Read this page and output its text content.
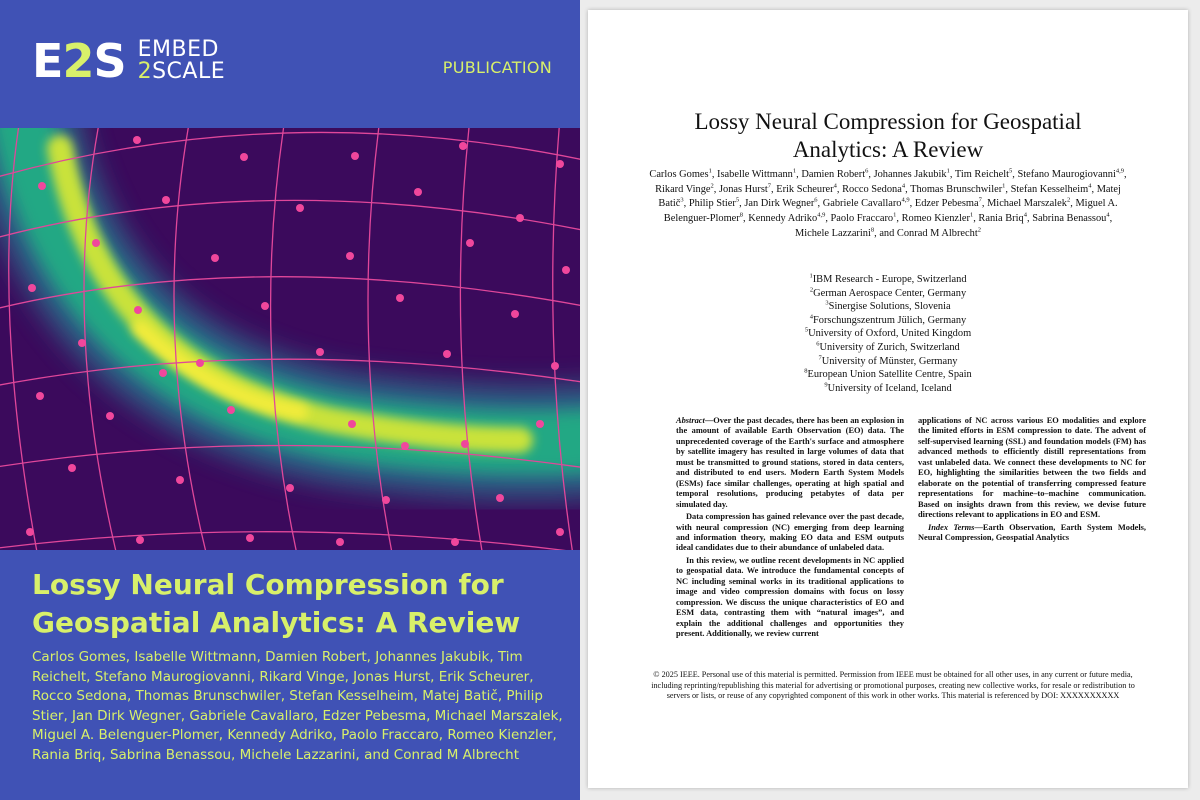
E2S EMBED
2SCALE	PUBLICATION
Lossy Neural Compression for Geospatial Analytics: A Review

Carlos Gomes, Isabelle Wittmann, Damien Robert, Johannes Jakubik, Tim Reichelt, Stefano Maurogiovanni, Rikard Vinge, Jonas Hurst, Erik Scheurer, Rocco Sedona, Thomas Brunschwiler, Stefan Kesselheim, Matej Batič, Philip Stier, Jan Dirk Wegner, Gabriele Cavallaro, Edzer Pebesma, Michael Marszalek, Miguel A. Belenguer-Plomer, Kennedy Adriko, Paolo Fraccaro, Romeo Kienzler, Rania Briq, Sabrina Benassou, Michele Lazzarini, and Conrad M Albrecht

Lossy Neural Compression for Geospatial Analytics: A Review
Carlos Gomes$^1$, Isabelle Wittmann$^1$, Damien Robert$^6$, Johannes Jakubik$^1$, Tim Reichelt$^5$, Stefano Maurogiovanni$^{4,9}$, Rikard Vinge$^2$, Jonas Hurst$^7$, Erik Scheurer$^4$, Rocco Sedona$^4$, Thomas Brunschwiler$^1$, Stefan Kesselheim$^4$, Matej Batič$^3$, Philip Stier$^5$, Jan Dirk Wegner$^6$, Gabriele Cavallaro$^{4,9}$, Edzer Pebesma$^7$, Michael Marszalek$^2$, Miguel A. Belenguer-Plomer$^8$, Kennedy Adriko$^{4,9}$, Paolo Fraccaro$^1$, Romeo Kienzler$^1$, Rania Briq$^4$, Sabrina Benassou$^4$, Michele Lazzarini$^8$, and Conrad M Albrecht$^2$
$^1$IBM Research - Europe, Switzerland
$^2$German Aerospace Center, Germany
$^3$Sinergise Solutions, Slovenia
$^4$Forschungszentrum Jülich, Germany
$^5$University of Oxford, United Kingdom
$^6$University of Zurich, Switzerland
$^7$University of Münster, Germany
$^8$European Union Satellite Centre, Spain
$^9$University of Iceland, Iceland

Abstract—Over the past decades, there has been an explosion in the amount of available Earth Observation (EO) data. The unprecedented coverage of the Earth's surface and atmosphere by satellite imagery has resulted in large volumes of data that must be transmitted to ground stations, stored in data centers, and distributed to end users. Modern Earth System Models (ESMs) face similar challenges, operating at high spatial and temporal resolutions, producing petabytes of data per simulated day.

Data compression has gained relevance over the past decade, with neural compression (NC) emerging from deep learning and information theory, making EO data and ESM outputs ideal candidates due to their abundance of unlabeled data.

In this review, we outline recent developments in NC applied to geospatial data. We introduce the fundamental concepts of NC including seminal works in its traditional applications to image and video compression domains with focus on lossy compression. We discuss the unique characteristics of EO and ESM data, contrasting them with “natural images”, and explain the additional challenges and opportunities they present. Additionally, we review current

applications of NC across various EO modalities and explore the limited efforts in ESM compression to date. The advent of self-supervised learning (SSL) and foundation models (FM) has advanced methods to efficiently distill representations from vast unlabeled data. We connect these developments to NC for EO, highlighting the similarities between the two fields and elaborate on the potential of transferring compressed feature representations for machine–to–machine communication. Based on insights drawn from this review, we devise future directions relevant to applications in EO and ESM.

Index Terms—Earth Observation, Earth System Models, Neural Compression, Geospatial Analytics

© 2025 IEEE. Personal use of this material is permitted. Permission from IEEE must be obtained for all other uses, in any current or future media, including reprinting/republishing this material for advertising or promotional purposes, creating new collective works, for resale or redistribution to servers or lists, or reuse of any copyrighted component of this work in other works. This material is referenced by DOI: XXXXXXXXXX
